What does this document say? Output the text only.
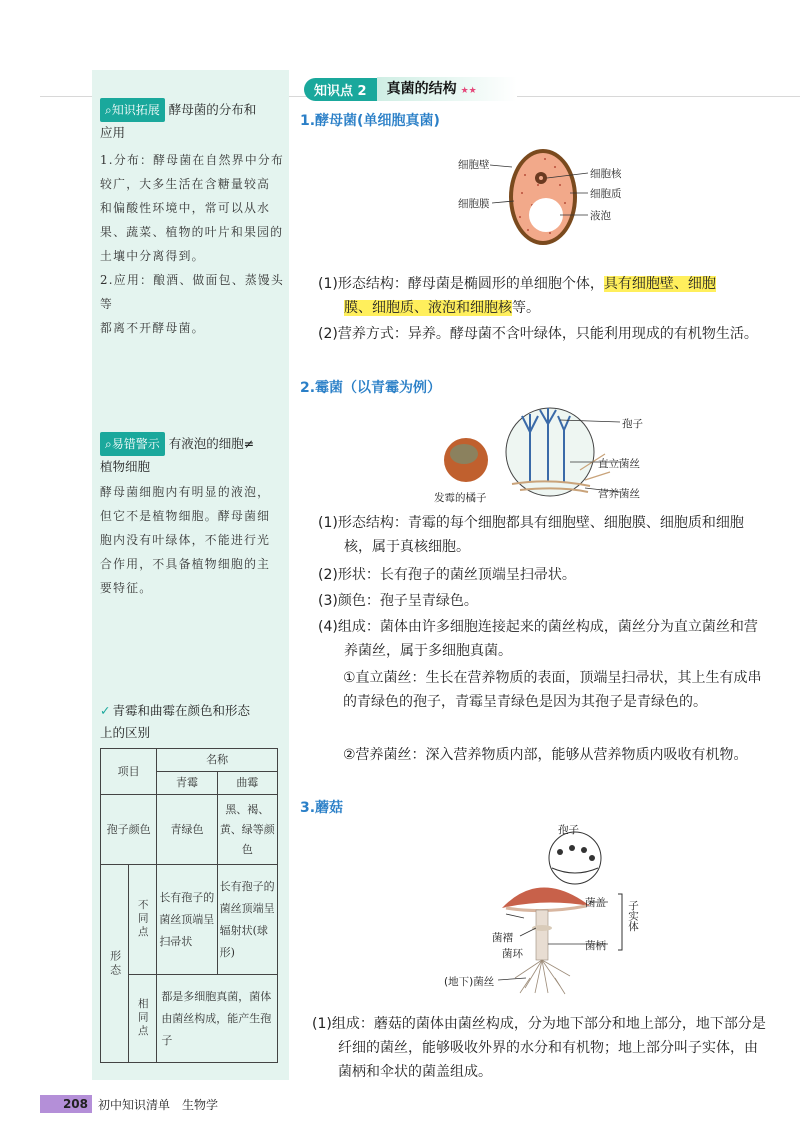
⌕知识拓展 酵母菌的分布和
应用
1.分布：酵母菌在自然界中分布
较广，大多生活在含糖量较高
和偏酸性环境中，常可以从水
果、蔬菜、植物的叶片和果园的
土壤中分离得到。
2.应用：酿酒、做面包、蒸馒头等
都离不开酵母菌。
⌕易错警示 有液泡的细胞≠
植物细胞
酵母菌细胞内有明显的液泡，
但它不是植物细胞。酵母菌细
胞内没有叶绿体，不能进行光
合作用，不具备植物细胞的主
要特征。
✓ 青霉和曲霉在颜色和形态
上的区别
项目		名称	
		青霉	曲霉
孢子颜色		青绿色	黑、褐、黄、绿等颜色

形态	不同点	长有孢子的菌丝顶端呈扫帚状	长有孢子的菌丝顶端呈辐射状(球形)

	相同点	都是多细胞真菌，菌体由菌丝构成，能产生孢子	
知识点 2	真菌的结构 ★★
1.酵母菌(单细胞真菌)
细胞壁
细胞膜
细胞核
细胞质
液泡
(1)形态结构：酵母菌是椭圆形的单细胞个体，具有细胞壁、细胞
膜、细胞质、液泡和细胞核等。
(2)营养方式：异养。酵母菌不含叶绿体，只能利用现成的有机物生活。
2.霉菌（以青霉为例）
孢子
直立菌丝
营养菌丝
发霉的橘子
(1)形态结构：青霉的每个细胞都具有细胞壁、细胞膜、细胞质和细胞核，属于真核细胞。
(2)形状：长有孢子的菌丝顶端呈扫帚状。
(3)颜色：孢子呈青绿色。
(4)组成：菌体由许多细胞连接起来的菌丝构成，菌丝分为直立菌丝和营养菌丝，属于多细胞真菌。
①直立菌丝：生长在营养物质的表面，顶端呈扫帚状，其上生有成串的青绿色的孢子，青霉呈青绿色是因为其孢子是青绿色的。
②营养菌丝：深入营养物质内部，能够从营养物质内吸收有机物。
3.蘑菇
孢子
菌盖
菌褶
菌环
菌柄
子实体
(地下)菌丝
(1)组成：蘑菇的菌体由菌丝构成，分为地下部分和地上部分，地下部分是纤细的菌丝，能够吸收外界的水分和有机物；地上部分叫子实体，由菌柄和伞状的菌盖组成。
208 初中知识清单 生物学
